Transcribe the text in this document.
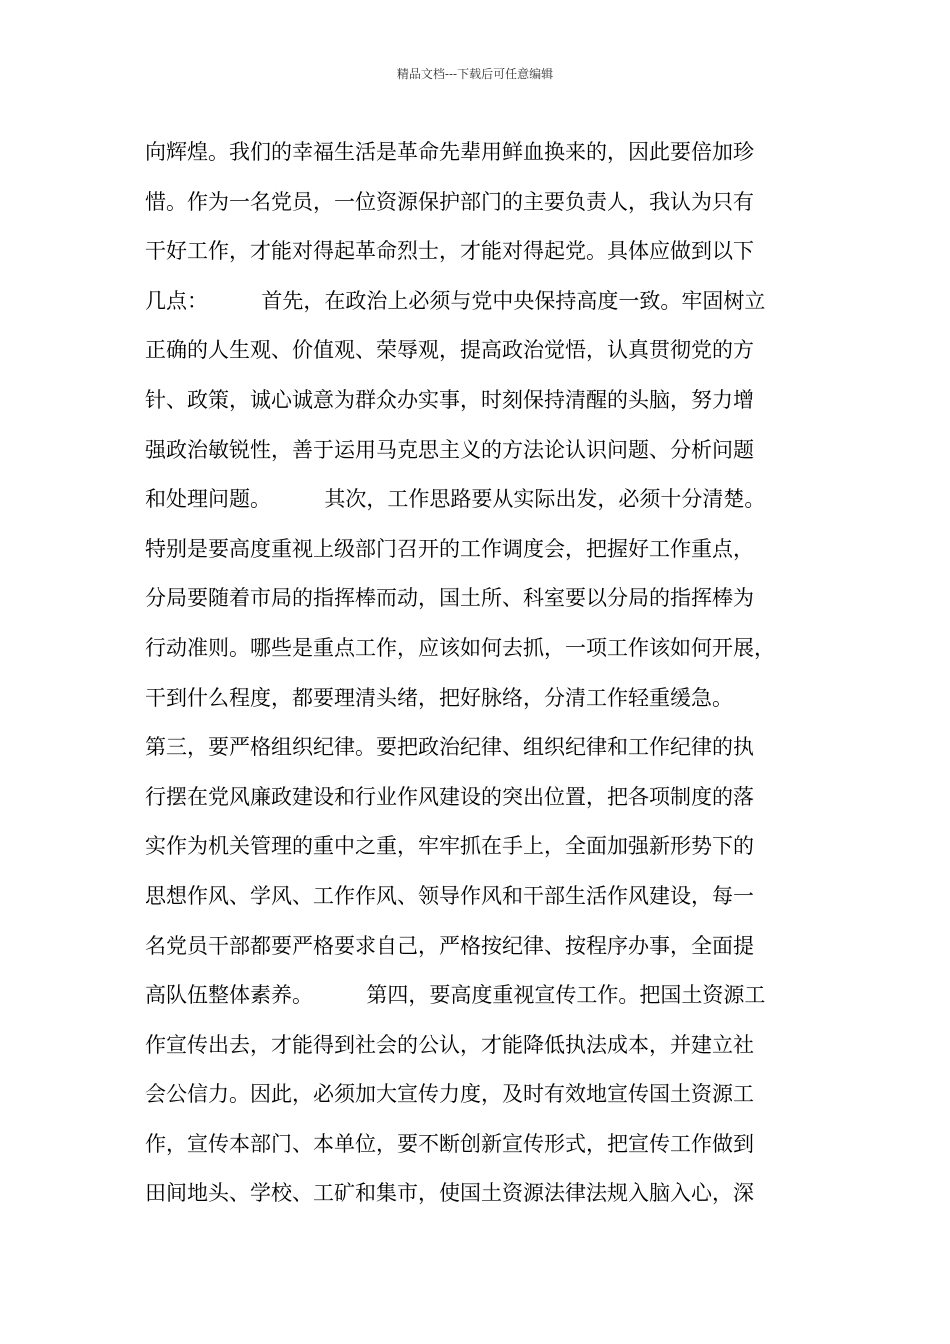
精品文档---下载后可任意编辑
向辉煌。我们的幸福生活是革命先辈用鲜血换来的，因此要倍加珍
惜。作为一名党员，一位资源保护部门的主要负责人，我认为只有
干好工作，才能对得起革命烈士，才能对得起党。具体应做到以下
几点：        首先，在政治上必须与党中央保持高度一致。牢固树立
正确的人生观、价值观、荣辱观，提高政治觉悟，认真贯彻党的方
针、政策，诚心诚意为群众办实事，时刻保持清醒的头脑，努力增
强政治敏锐性，善于运用马克思主义的方法论认识问题、分析问题
和处理问题。        其次，工作思路要从实际出发，必须十分清楚。
特别是要高度重视上级部门召开的工作调度会，把握好工作重点，
分局要随着市局的指挥棒而动，国土所、科室要以分局的指挥棒为
行动准则。哪些是重点工作，应该如何去抓，一项工作该如何开展，
干到什么程度，都要理清头绪，把好脉络，分清工作轻重缓急。
第三，要严格组织纪律。要把政治纪律、组织纪律和工作纪律的执
行摆在党风廉政建设和行业作风建设的突出位置，把各项制度的落
实作为机关管理的重中之重，牢牢抓在手上，全面加强新形势下的
思想作风、学风、工作作风、领导作风和干部生活作风建设，每一
名党员干部都要严格要求自己，严格按纪律、按程序办事，全面提
高队伍整体素养。        第四，要高度重视宣传工作。把国土资源工
作宣传出去，才能得到社会的公认，才能降低执法成本，并建立社
会公信力。因此，必须加大宣传力度，及时有效地宣传国土资源工
作，宣传本部门、本单位，要不断创新宣传形式，把宣传工作做到
田间地头、学校、工矿和集市，使国土资源法律法规入脑入心，深
